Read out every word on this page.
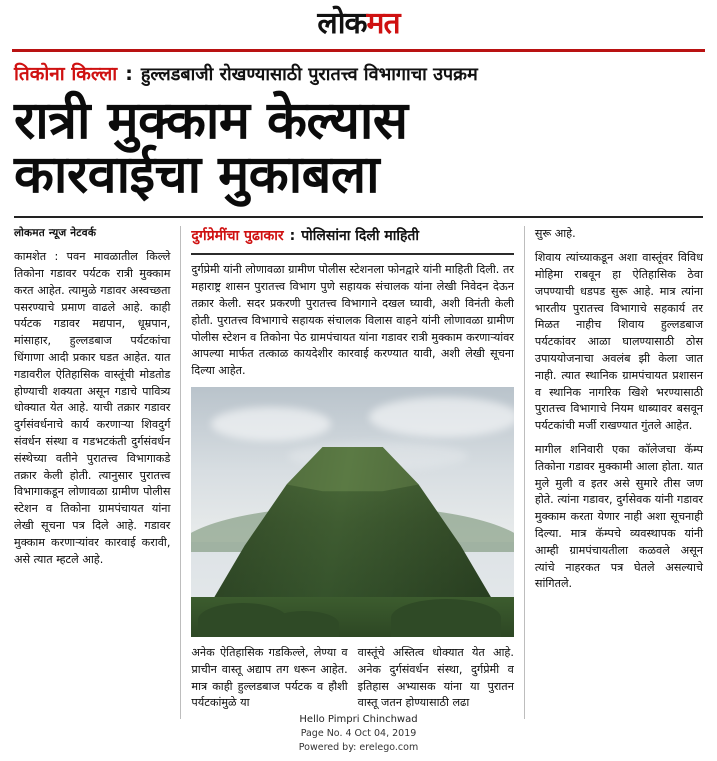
लोकमत
तिकोना किल्ला : हुल्लडबाजी रोखण्यासाठी पुरातत्त्व विभागाचा उपक्रम
रात्री मुक्काम केल्यास
कारवाईचा मुकाबला
लोकमत न्यूज नेटवर्क

कामशेत : पवन मावळातील किल्ले तिकोना गडावर पर्यटक रात्री मुक्काम करत आहेत. त्यामुळे गडावर अस्वच्छता पसरण्याचे प्रमाण वाढले आहे. काही पर्यटक गडावर मद्यपान, धूम्रपान, मांसाहार, हुल्लडबाज पर्यटकांचा धिंगाणा आदी प्रकार घडत आहेत. यात गडावरील ऐतिहासिक वास्तूंची मोडतोड होण्याची शक्यता असून गडाचे पावित्र्य धोक्यात येत आहे. याची तक्रार गडावर दुर्गसंवर्धनाचे कार्य करणाऱ्या शिवदुर्ग संवर्धन संस्था व गडभटकंती दुर्गसंवर्धन संस्थेच्या वतीने पुरातत्त्व विभागाकडे तक्रार केली होती. त्यानुसार पुरातत्त्व विभागाकडून लोणावळा ग्रामीण पोलीस स्टेशन व तिकोना ग्रामपंचायत यांना लेखी सूचना पत्र दिले आहे. गडावर मुक्काम करणाऱ्यांवर कारवाई करावी, असे त्यात म्हटले आहे.

दुर्गप्रेमींचा पुढाकार : पोलिसांना दिली माहिती

दुर्गप्रेमी यांनी लोणावळा ग्रामीण पोलीस स्टेशनला फोनद्वारे यांनी माहिती दिली. तर महाराष्ट्र शासन पुरातत्त्व विभाग पुणे सहायक संचालक यांना लेखी निवेदन देऊन तक्रार केली. सदर प्रकरणी पुरातत्त्व विभागाने दखल घ्यावी, अशी विनंती केली होती. पुरातत्त्व विभागाचे सहायक संचालक विलास वाहने यांनी लोणावळा ग्रामीण पोलीस स्टेशन व तिकोना पेठ ग्रामपंचायत यांना गडावर रात्री मुक्काम करणाऱ्यांवर आपल्या मार्फत तत्काळ कायदेशीर कारवाई करण्यात यावी, अशी लेखी सूचना दिल्या आहेत.

अनेक ऐतिहासिक गडकिल्ले, लेण्या व प्राचीन वास्तू अद्याप तग धरून आहेत. मात्र काही हुल्लडबाज पर्यटक व हौशी पर्यटकांमुळे या

वास्तूंचे अस्तित्व धोक्यात येत आहे. अनेक दुर्गसंवर्धन संस्था, दुर्गप्रेमी व इतिहास अभ्यासक यांना या पुरातन वास्तू जतन होण्यासाठी लढा

सुरू आहे.

शिवाय त्यांच्याकडून अशा वास्तूंवर विविध मोहिमा राबवून हा ऐतिहासिक ठेवा जपण्याची धडपड सुरू आहे. मात्र त्यांना भारतीय पुरातत्त्व विभागाचे सहकार्य तर मिळत नाहीच शिवाय हुल्लडबाज पर्यटकांवर आळा घालण्यासाठी ठोस उपाययोजनाचा अवलंब झी केला जात नाही. त्यात स्थानिक ग्रामपंचायत प्रशासन व स्थानिक नागरिक खिशे भरण्यासाठी पुरातत्त्व विभागाचे नियम धाब्यावर बसवून पर्यटकांची मर्जी राखण्यात गुंतले आहेत.

मागील शनिवारी एका कॉलेजचा कॅम्प तिकोना गडावर मुक्कामी आला होता. यात मुले मुली व इतर असे सुमारे तीस जण होते. त्यांना गडावर, दुर्गसेवक यांनी गडावर मुक्काम करता येणार नाही अशा सूचनाही दिल्या. मात्र कॅम्पचे व्यवस्थापक यांनी आम्ही ग्रामपंचायतीला कळवले असून त्यांचे नाहरकत पत्र घेतले असल्याचे सांगितले.

Hello Pimpri Chinchwad
Page No. 4 Oct 04, 2019
Powered by: erelego.com
